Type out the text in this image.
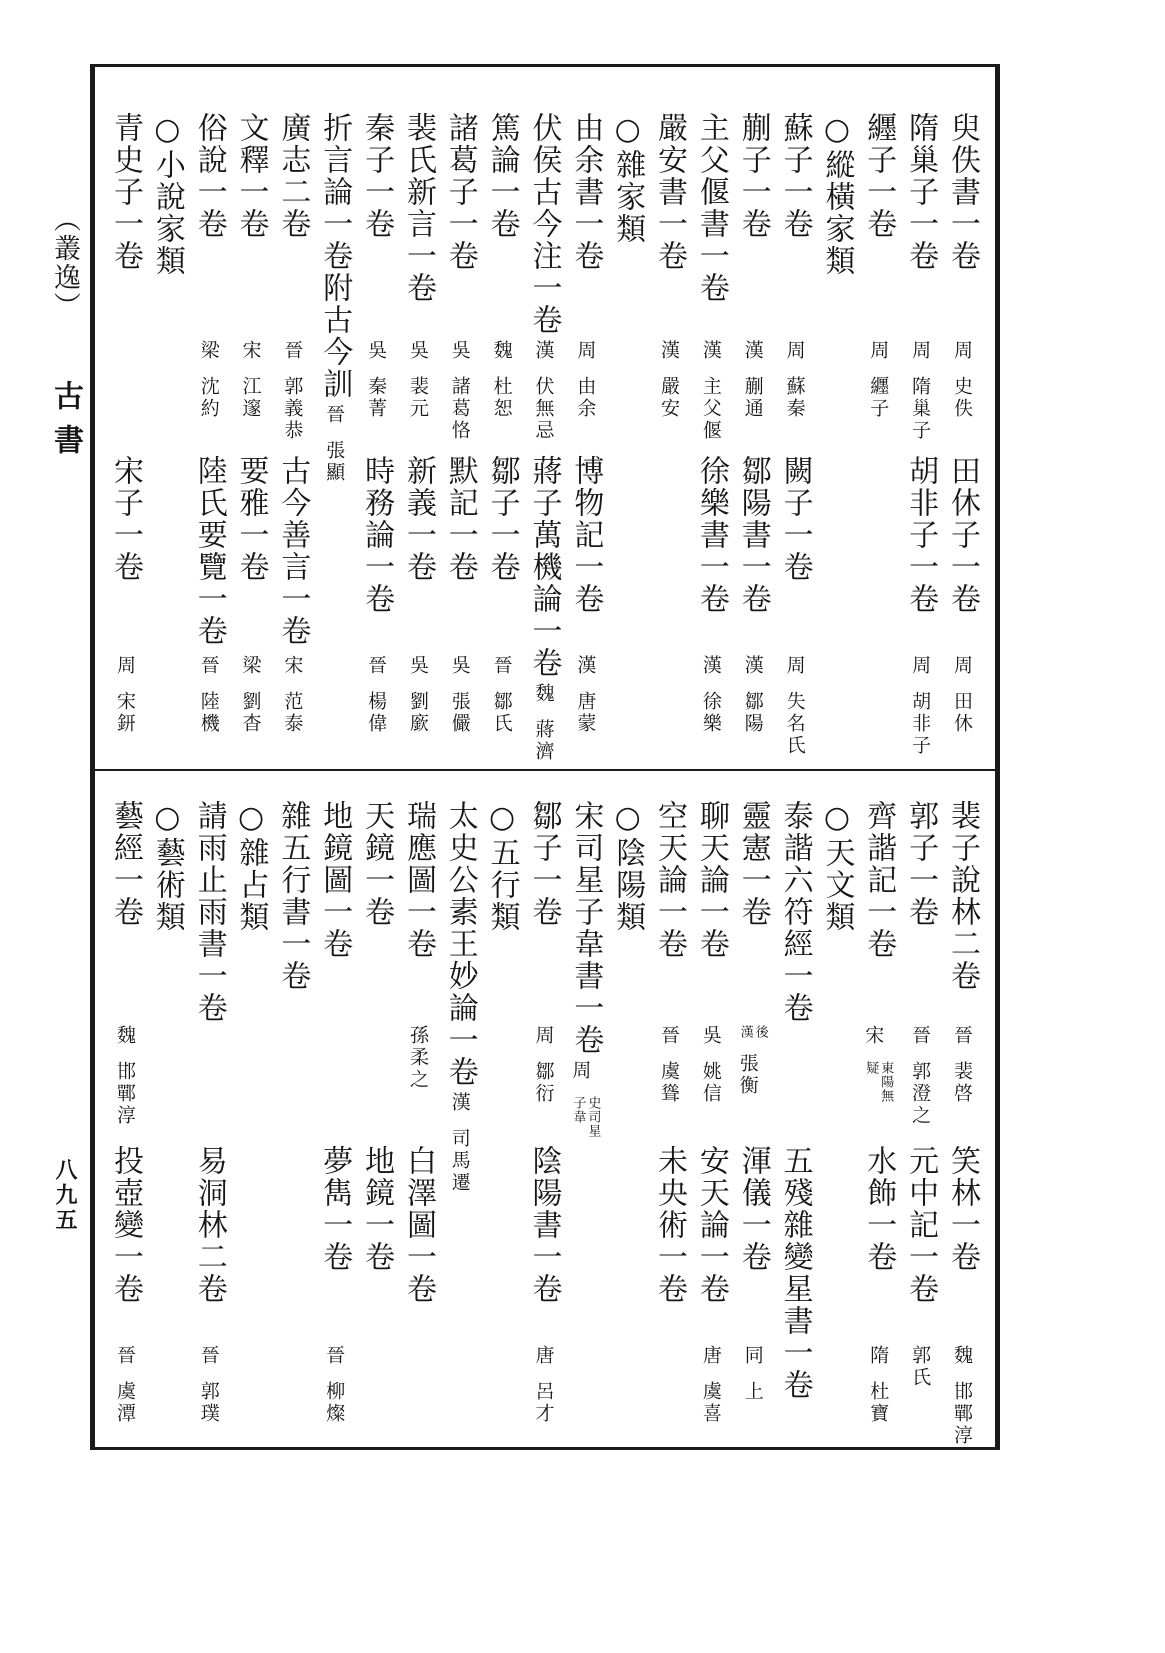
（叢逸）
古書
八九五
臾佚書一卷
周史佚
田休子一卷
周田休
隋巢子一卷
周隋巢子
胡非子一卷
周胡非子
纒子一卷
周纒子
○縱橫家類
蘇子一卷
周蘇秦
闕子一卷
周失名氏
蒯子一卷
漢蒯通
鄒陽書一卷
漢鄒陽
主父偃書一卷
漢主父偃
徐樂書一卷
漢徐樂
嚴安書一卷
漢嚴安
○雜家類
由余書一卷
周由余
博物記一卷
漢唐蒙
伏侯古今注一卷
漢伏無忌
蔣子萬機論一卷
魏蔣濟
篤論一卷
魏杜恕
鄒子一卷
晉鄒氏
諸葛子一卷
吳諸葛恪
默記一卷
吳張儼
裴氏新言一卷
吳裴元
新義一卷
吳劉廞
秦子一卷
吳秦菁
時務論一卷
晉楊偉
折言論一卷附古今訓
晉張顯
廣志二卷
晉郭義恭
古今善言一卷
宋范泰
文釋一卷
宋江邃
要雅一卷
梁劉杳
俗說一卷
梁沈約
陸氏要覽一卷
晉陸機
○小說家類
青史子一卷
宋子一卷
周宋鈃
裴子說林二卷
晉裴啓
笑林一卷
魏邯鄲淳
郭子一卷
晉郭澄之
元中記一卷
郭氏
齊諧記一卷
宋
東陽無
疑
水飾一卷
隋杜寶
○天文類
泰諧六符經一卷
五殘雜變星書一卷
靈憲一卷
後
漢
張衡
渾儀一卷
同上
聊天論一卷
吳姚信
安天論一卷
唐虞喜
空天論一卷
晉虞聳
未央術一卷
○陰陽類
宋司星子韋書一卷
周
史司星
子韋
鄒子一卷
周鄒衍
陰陽書一卷
唐呂才
○五行類
太史公素王妙論一卷
漢司馬遷
瑞應圖一卷
孫柔之
白澤圖一卷
天鏡一卷
地鏡一卷
地鏡圖一卷
夢雋一卷
晉柳燦
雜五行書一卷
○雜占類
請雨止雨書一卷
易洞林二卷
晉郭璞
○藝術類
藝經一卷
魏邯鄲淳
投壺變一卷
晉虞潭
